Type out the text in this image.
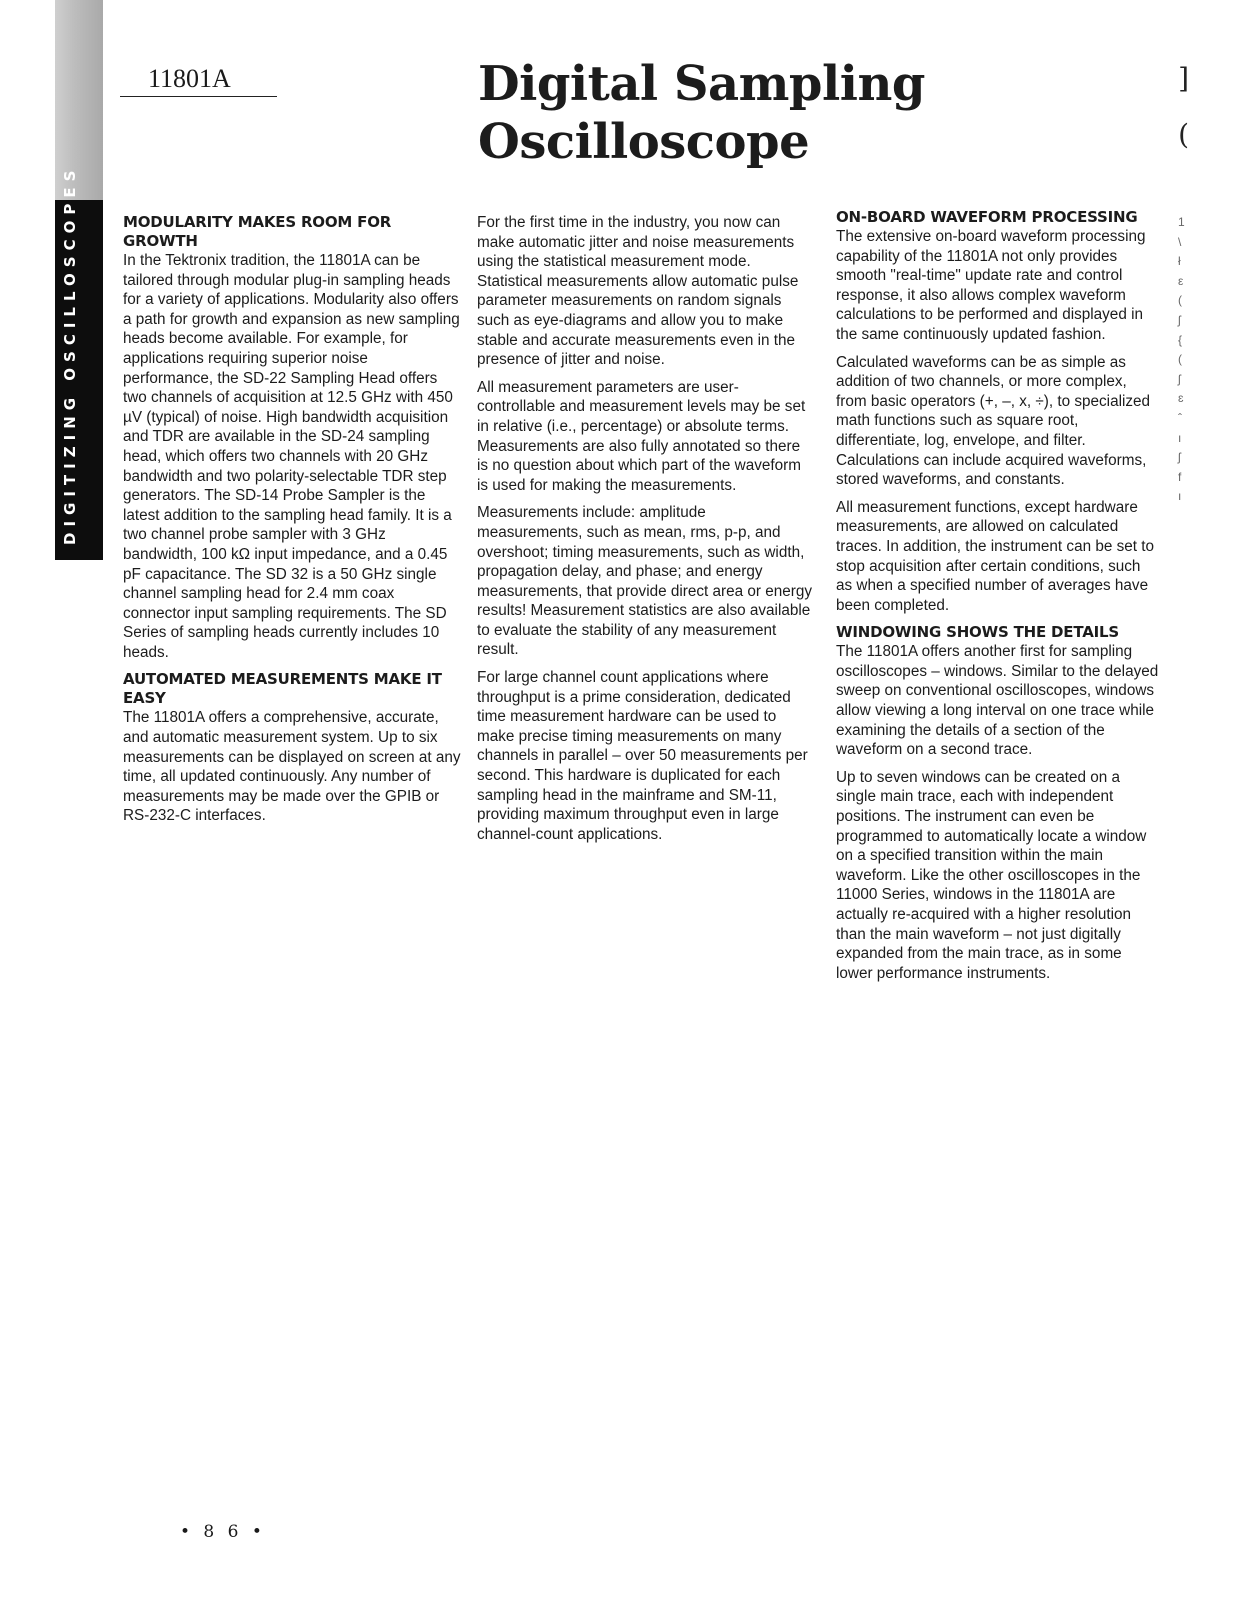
DIGITIZING OSCILLOSCOPES
11801A	Digital Sampling
Oscilloscope
]
(
MODULARITY MAKES ROOM FOR GROWTH

In the Tektronix tradition, the 11801A can be tailored through modular plug-in sampling heads for a variety of applications. Modularity also offers a path for growth and expansion as new sampling heads become available. For example, for applications requiring superior noise performance, the SD-22 Sampling Head offers two channels of acquisition at 12.5 GHz with 450 µV (typical) of noise. High bandwidth acquisition and TDR are available in the SD-24 sampling head, which offers two channels with 20 GHz bandwidth and two polarity-selectable TDR step generators. The SD-14 Probe Sampler is the latest addition to the sampling head family. It is a two channel probe sampler with 3 GHz bandwidth, 100 kΩ input impedance, and a 0.45 pF capacitance. The SD 32 is a 50 GHz single channel sampling head for 2.4 mm coax connector input sampling requirements. The SD Series of sampling heads currently includes 10 heads.

AUTOMATED MEASUREMENTS MAKE IT EASY

The 11801A offers a comprehensive, accurate, and automatic measurement system. Up to six measurements can be displayed on screen at any time, all updated continuously. Any number of measurements may be made over the GPIB or RS-232-C interfaces.

For the first time in the industry, you now can make automatic jitter and noise measurements using the statistical measurement mode. Statistical measurements allow automatic pulse parameter measurements on random signals such as eye-diagrams and allow you to make stable and accurate measurements even in the presence of jitter and noise.

All measurement parameters are user-controllable and measurement levels may be set in relative (i.e., percentage) or absolute terms. Measurements are also fully annotated so there is no question about which part of the waveform is used for making the measurements.

Measurements include: amplitude measurements, such as mean, rms, p-p, and overshoot; timing measurements, such as width, propagation delay, and phase; and energy measurements, that provide direct area or energy results! Measurement statistics are also available to evaluate the stability of any measurement result.

For large channel count applications where throughput is a prime consideration, dedicated time measurement hardware can be used to make precise timing measurements on many channels in parallel – over 50 measurements per second. This hardware is duplicated for each sampling head in the mainframe and SM-11, providing maximum throughput even in large channel-count applications.

ON-BOARD WAVEFORM PROCESSING

The extensive on-board waveform processing capability of the 11801A not only provides smooth "real-time" update rate and control response, it also allows complex waveform calculations to be performed and displayed in the same continuously updated fashion.

Calculated waveforms can be as simple as addition of two channels, or more complex, from basic operators (+, –, x, ÷), to specialized math functions such as square root, differentiate, log, envelope, and filter. Calculations can include acquired waveforms, stored waveforms, and constants.

All measurement functions, except hardware measurements, are allowed on calculated traces. In addition, the instrument can be set to stop acquisition after certain conditions, such as when a specified number of averages have been completed.

WINDOWING SHOWS THE DETAILS

The 11801A offers another first for sampling oscilloscopes – windows. Similar to the delayed sweep on conventional oscilloscopes, windows allow viewing a long interval on one trace while examining the details of a section of the waveform on a second trace.

Up to seven windows can be created on a single main trace, each with independent positions. The instrument can even be programmed to automatically locate a window on a specified transition within the main waveform. Like the other oscilloscopes in the 11000 Series, windows in the 11801A are actually re-acquired with a higher resolution than the main waveform – not just digitally expanded from the main trace, as in some lower performance instruments.

1
\
ł
ε
(
ʃ
{
(
ʃ
ɛ
ˆ
ı
ʃ
f
ı
• 8 6 •
